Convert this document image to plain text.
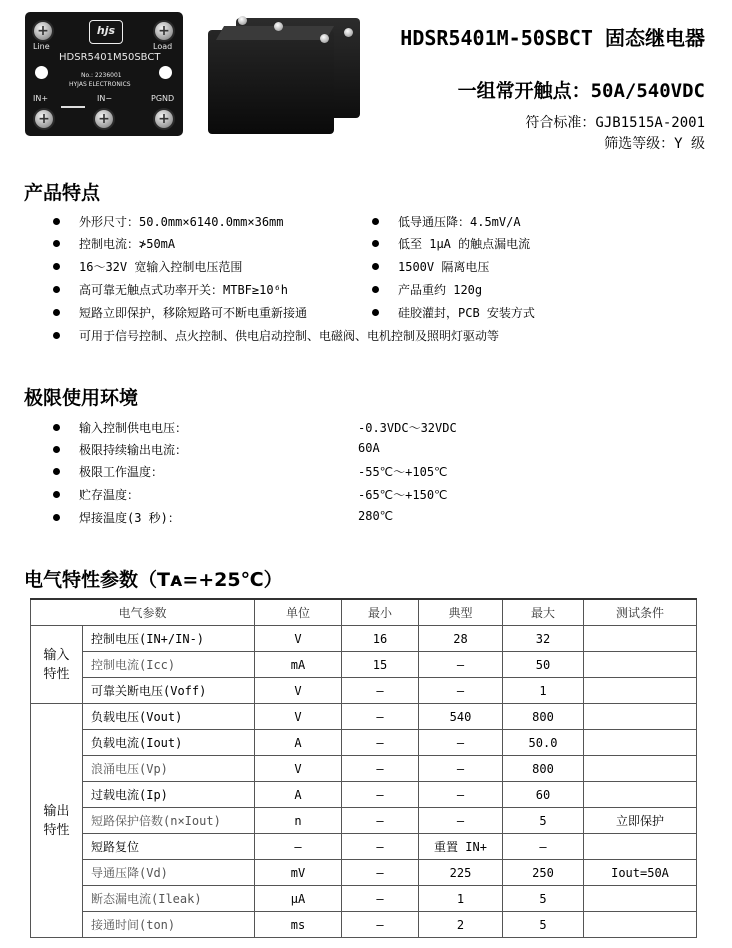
+
+
Line	Load
hjs
HDSR5401M50SBCT
No.: 2236001
HYJAS ELECTRONICS
IN+	IN−	PGND
+
+
+
HDSR5401M-50SBCT 固态继电器
一组常开触点：50A/540VDC
符合标准：GJB1515A-2001
筛选等级：Y 级
产品特点
外形尺寸：50.0mm×6140.0mm×36mm
控制电流：≯50mA
16～32V 宽输入控制电压范围
高可靠无触点式功率开关：MTBF≥10⁶h
短路立即保护，移除短路可不断电重新接通
可用于信号控制、点火控制、供电启动控制、电磁阀、电机控制及照明灯驱动等
低导通压降：4.5mV/A
低至 1μA 的触点漏电流
1500V 隔离电压
产品重约 120g
硅胶灌封，PCB 安装方式
极限使用环境
输入控制供电电压：	-0.3VDC～32VDC
极限持续输出电流：	60A
极限工作温度：	-55℃～+105℃
贮存温度：	-65℃～+150℃
焊接温度(3 秒)：	280℃
电气特性参数（Tᴀ=+25℃）
电气参数		单位	最小	典型	最大	测试条件
输入
特性	控制电压(IN+/IN-)	V	16	28	32	
	控制电流(Icc)	mA	15	—	50	
	可靠关断电压(Voff)	V	—	—	1	
输出
特性	负载电压(Vout)	V	—	540	800	
	负载电流(Iout)	A	—	—	50.0	
	浪涌电压(Vp)	V	—	—	800	
	过载电流(Ip)	A	—	—	60	
	短路保护倍数(n×Iout)	n	—	—	5	立即保护
	短路复位	—	—	重置 IN+	—	
	导通压降(Vd)	mV	—	225	250	Iout=50A
	断态漏电流(Ileak)	μA	—	1	5	
	接通时间(ton)	ms	—	2	5	
